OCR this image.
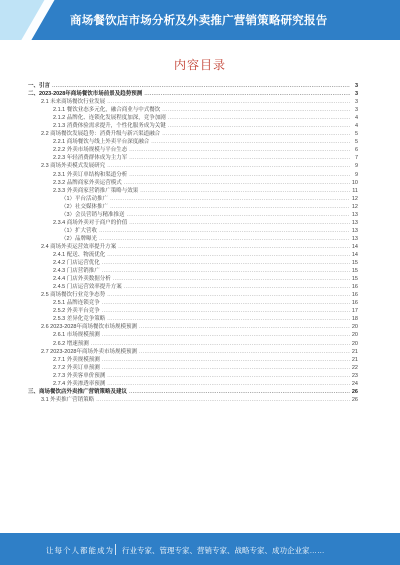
商场餐饮店市场分析及外卖推广营销策略研究报告
内容目录
一、引言 .....	3
二、2023-2028年商场餐饮市场前景及趋势预测 .....	3
2.1 未来商场餐饮行业发展 .....	3
2.1.1 餐饮业态多元化，融合商业与中式餐饮 .....	3
2.1.2 品牌化、连锁化发展程度加深，竞争加剧 .....	4
2.1.3 消费体验需求提升，个性化服务成为关键 .....	4
2.2 商场餐饮发展趋势：消费升级与新兴渠道融合 .....	5
2.2.1 商场餐饮与线上外卖平台深度融合 .....	5
2.2.2 外卖市场规模与平台生态 .....	6
2.2.3 年轻消费群体成为主力军 .....	7
2.3 商场外卖模式发展研究 .....	9
2.3.1 外卖订单结构和渠道分析 .....	9
2.3.2 品牌商家外卖运营模式 .....	10
2.3.3 外卖商家营销推广策略与效果 .....	11
（1）平台活动推广 .....	12
（2）社交媒体推广 .....	12
（3）会员营销与精准推送 .....	13
2.3.4 商场外卖对于商户的价值 .....	13
（1）扩大营收 .....	13
（2）品牌曝光 .....	13
2.4 商场外卖运营效率提升方案 .....	14
2.4.1 配送、物流优化 .....	14
2.4.2 门店运营优化 .....	15
2.4.3 门店营销推广 .....	15
2.4.4 门店外卖数据分析 .....	15
2.4.5 门店运营效率提升方案 .....	16
2.5 商场餐饮行业竞争态势 .....	16
2.5.1 品牌连锁竞争 .....	16
2.5.2 外卖平台竞争 .....	17
2.5.3 差异化竞争策略 .....	18
2.6 2023-2028年商场餐饮市场规模预测 .....	20
2.6.1 市场规模预测 .....	20
2.6.2 增速预测 .....	20
2.7 2023-2028年商场外卖市场规模预测 .....	21
2.7.1 外卖规模预测 .....	21
2.7.2 外卖订单预测 .....	22
2.7.3 外卖客单价预测 .....	23
2.7.4 外卖渗透率预测 .....	24
三、商场餐饮店外卖推广营销策略及建议 .....	26
3.1 外卖推广营销策略 .....	26
让每个人都能成为 行业专家、管理专家、营销专家、战略专家、成功企业家……
